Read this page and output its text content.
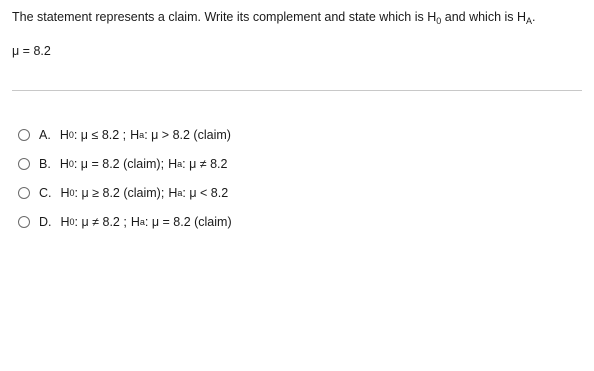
The statement represents a claim. Write its complement and state which is $H_0$ and which is $H_A$.
μ = 8.2
A. H 0 : μ ≤ 8.2 ; H a : μ > 8.2 (claim)
B. H 0 : μ = 8.2 (claim); H a : μ ≠ 8.2
C. H 0 : μ ≥ 8.2 (claim); H a : μ < 8.2
D. H 0 : μ ≠ 8.2 ; H a : μ = 8.2 (claim)
